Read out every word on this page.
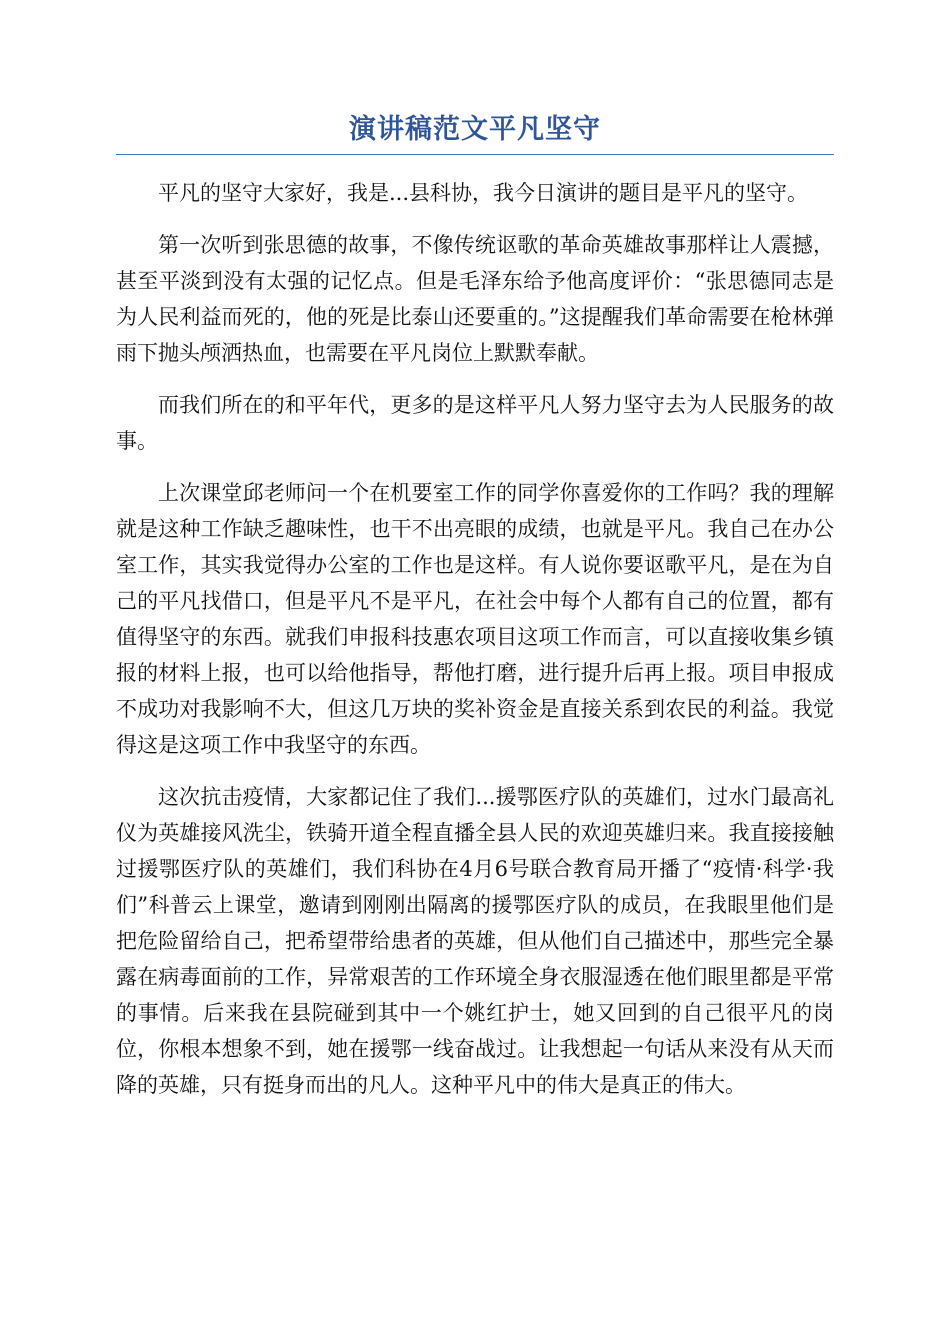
演讲稿范文平凡坚守

平凡的坚守大家好，我是...县科协，我今日演讲的题目是平凡的坚守。

第一次听到张思德的故事，不像传统讴歌的革命英雄故事那样让人震撼，甚至平淡到没有太强的记忆点。但是毛泽东给予他高度评价：“张思德同志是为人民利益而死的，他的死是比泰山还要重的。”这提醒我们革命需要在枪林弹雨下抛头颅洒热血，也需要在平凡岗位上默默奉献。

而我们所在的和平年代，更多的是这样平凡人努力坚守去为人民服务的故事。

上次课堂邱老师问一个在机要室工作的同学你喜爱你的工作吗？我的理解就是这种工作缺乏趣味性，也干不出亮眼的成绩，也就是平凡。我自己在办公室工作，其实我觉得办公室的工作也是这样。有人说你要讴歌平凡，是在为自己的平凡找借口，但是平凡不是平凡，在社会中每个人都有自己的位置，都有值得坚守的东西。就我们申报科技惠农项目这项工作而言，可以直接收集乡镇报的材料上报，也可以给他指导，帮他打磨，进行提升后再上报。项目申报成不成功对我影响不大，但这几万块的奖补资金是直接关系到农民的利益。我觉得这是这项工作中我坚守的东西。

这次抗击疫情，大家都记住了我们...援鄂医疗队的英雄们，过水门最高礼仪为英雄接风洗尘，铁骑开道全程直播全县人民的欢迎英雄归来。我直接接触过援鄂医疗队的英雄们，我们科协在4月6号联合教育局开播了“疫情·科学·我们”科普云上课堂，邀请到刚刚出隔离的援鄂医疗队的成员，在我眼里他们是把危险留给自己，把希望带给患者的英雄，但从他们自己描述中，那些完全暴露在病毒面前的工作，异常艰苦的工作环境全身衣服湿透在他们眼里都是平常的事情。后来我在县院碰到其中一个姚红护士，她又回到的自己很平凡的岗位，你根本想象不到，她在援鄂一线奋战过。让我想起一句话从来没有从天而降的英雄，只有挺身而出的凡人。这种平凡中的伟大是真正的伟大。
